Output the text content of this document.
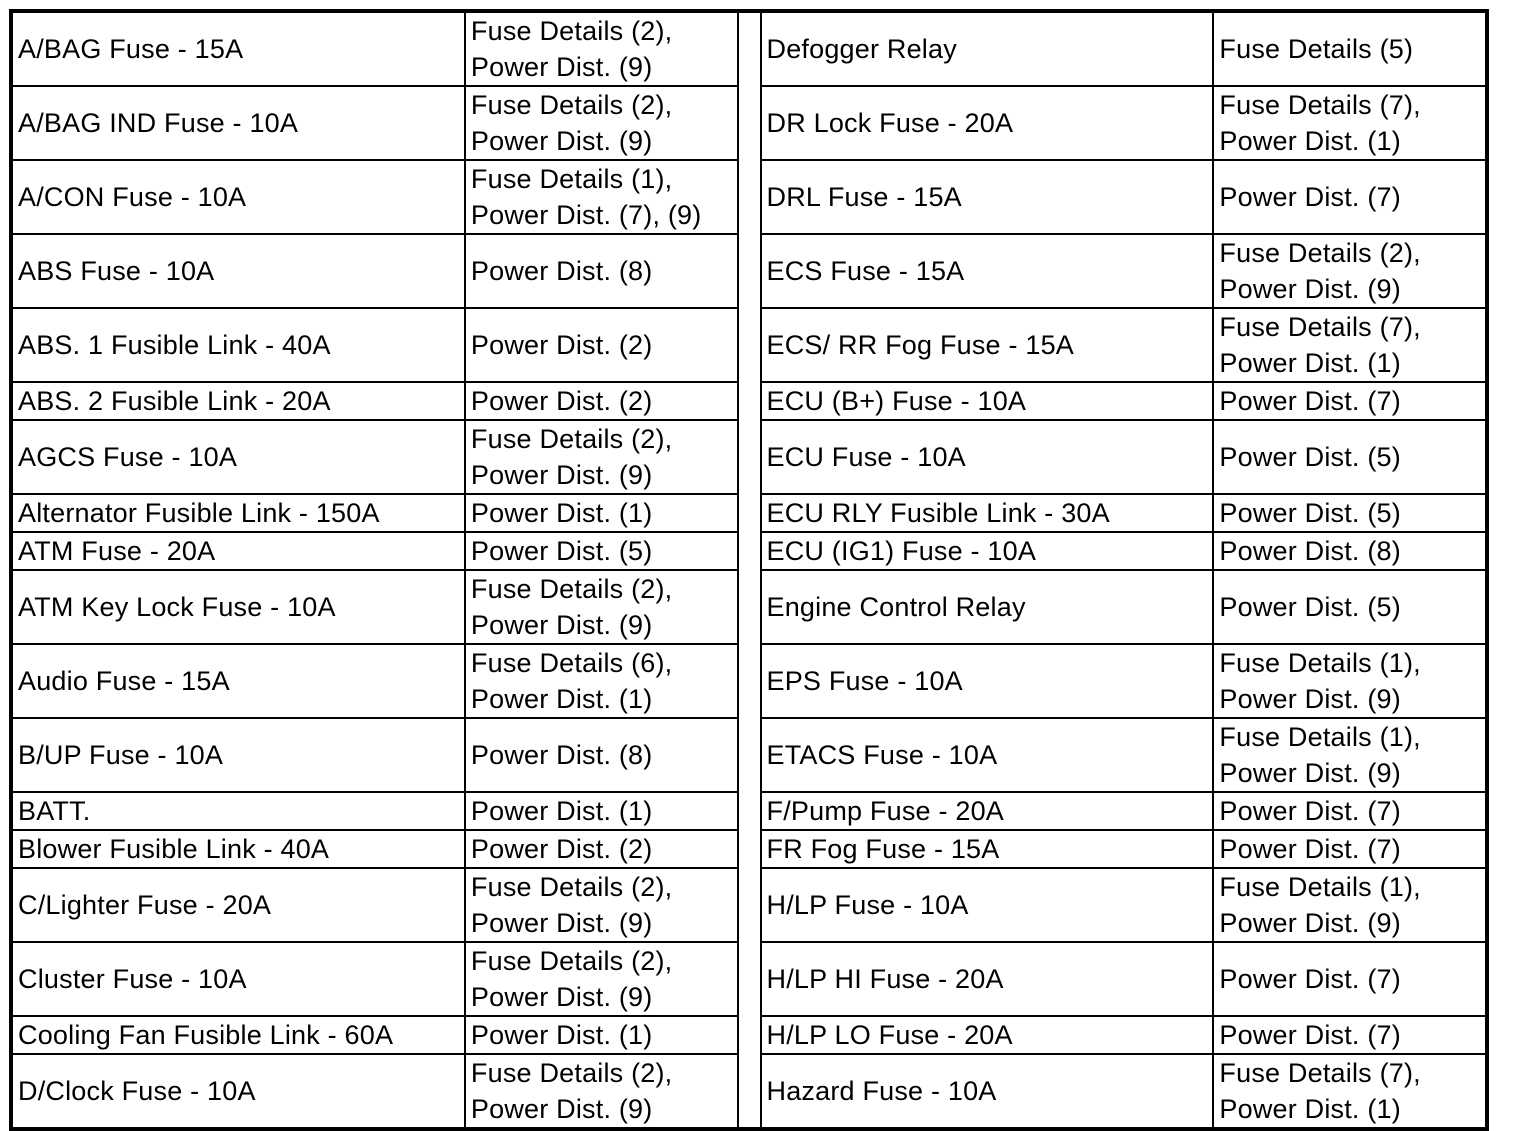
A/BAG Fuse - 15A	Fuse Details (2),
Power Dist. (9)		Defogger Relay	Fuse Details (5)
A/BAG IND Fuse - 10A	Fuse Details (2),
Power Dist. (9)		DR Lock Fuse - 20A	Fuse Details (7),
Power Dist. (1)
A/CON Fuse - 10A	Fuse Details (1),
Power Dist. (7), (9)		DRL Fuse - 15A	Power Dist. (7)
ABS Fuse - 10A	Power Dist. (8)		ECS Fuse - 15A	Fuse Details (2),
Power Dist. (9)
ABS. 1 Fusible Link - 40A	Power Dist. (2)		ECS/ RR Fog Fuse - 15A	Fuse Details (7),
Power Dist. (1)
ABS. 2 Fusible Link - 20A	Power Dist. (2)		ECU (B+) Fuse - 10A	Power Dist. (7)
AGCS Fuse - 10A	Fuse Details (2),
Power Dist. (9)		ECU Fuse - 10A	Power Dist. (5)
Alternator Fusible Link - 150A	Power Dist. (1)		ECU RLY Fusible Link - 30A	Power Dist. (5)
ATM Fuse - 20A	Power Dist. (5)		ECU (IG1) Fuse - 10A	Power Dist. (8)
ATM Key Lock Fuse - 10A	Fuse Details (2),
Power Dist. (9)		Engine Control Relay	Power Dist. (5)
Audio Fuse - 15A	Fuse Details (6),
Power Dist. (1)		EPS Fuse - 10A	Fuse Details (1),
Power Dist. (9)
B/UP Fuse - 10A	Power Dist. (8)		ETACS Fuse - 10A	Fuse Details (1),
Power Dist. (9)
BATT.	Power Dist. (1)		F/Pump Fuse - 20A	Power Dist. (7)
Blower Fusible Link - 40A	Power Dist. (2)		FR Fog Fuse - 15A	Power Dist. (7)
C/Lighter Fuse - 20A	Fuse Details (2),
Power Dist. (9)		H/LP Fuse - 10A	Fuse Details (1),
Power Dist. (9)
Cluster Fuse - 10A	Fuse Details (2),
Power Dist. (9)		H/LP HI Fuse - 20A	Power Dist. (7)
Cooling Fan Fusible Link - 60A	Power Dist. (1)		H/LP LO Fuse - 20A	Power Dist. (7)
D/Clock Fuse - 10A	Fuse Details (2),
Power Dist. (9)		Hazard Fuse - 10A	Fuse Details (7),
Power Dist. (1)
